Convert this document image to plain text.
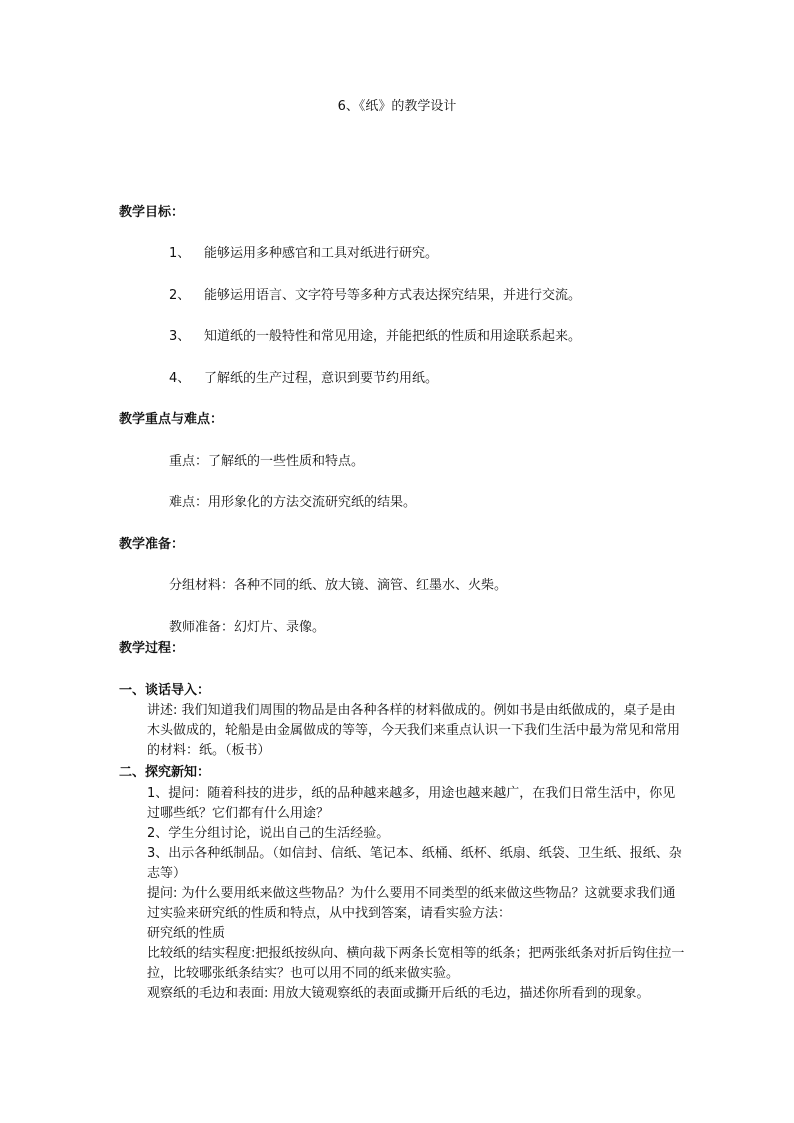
6、《纸》的教学设计
教学目标：
1、 能够运用多种感官和工具对纸进行研究。
2、 能够运用语言、文字符号等多种方式表达探究结果，并进行交流。
3、 知道纸的一般特性和常见用途，并能把纸的性质和用途联系起来。
4、 了解纸的生产过程，意识到要节约用纸。
教学重点与难点：
重点：了解纸的一些性质和特点。
难点：用形象化的方法交流研究纸的结果。
教学准备：
分组材料：各种不同的纸、放大镜、滴管、红墨水、火柴。
教师准备：幻灯片、录像。
教学过程：
一、谈话导入：

讲述: 我们知道我们周围的物品是由各种各样的材料做成的。例如书是由纸做成的，桌子是由木头做成的，轮船是由金属做成的等等，今天我们来重点认识一下我们生活中最为常见和常用的材料：纸。（板书）

二、探究新知：

1、提问：随着科技的进步，纸的品种越来越多，用途也越来越广，在我们日常生活中，你见过哪些纸？它们都有什么用途？

2、学生分组讨论，说出自己的生活经验。

3、出示各种纸制品。（如信封、信纸、笔记本、纸桶、纸杯、纸扇、纸袋、卫生纸、报纸、杂志等）

提问: 为什么要用纸来做这些物品？为什么要用不同类型的纸来做这些物品？这就要求我们通过实验来研究纸的性质和特点，从中找到答案，请看实验方法：

研究纸的性质

比较纸的结实程度:把报纸按纵向、横向裁下两条长宽相等的纸条；把两张纸条对折后钩住拉一拉，比较哪张纸条结实？也可以用不同的纸来做实验。

观察纸的毛边和表面: 用放大镜观察纸的表面或撕开后纸的毛边，描述你所看到的现象。
